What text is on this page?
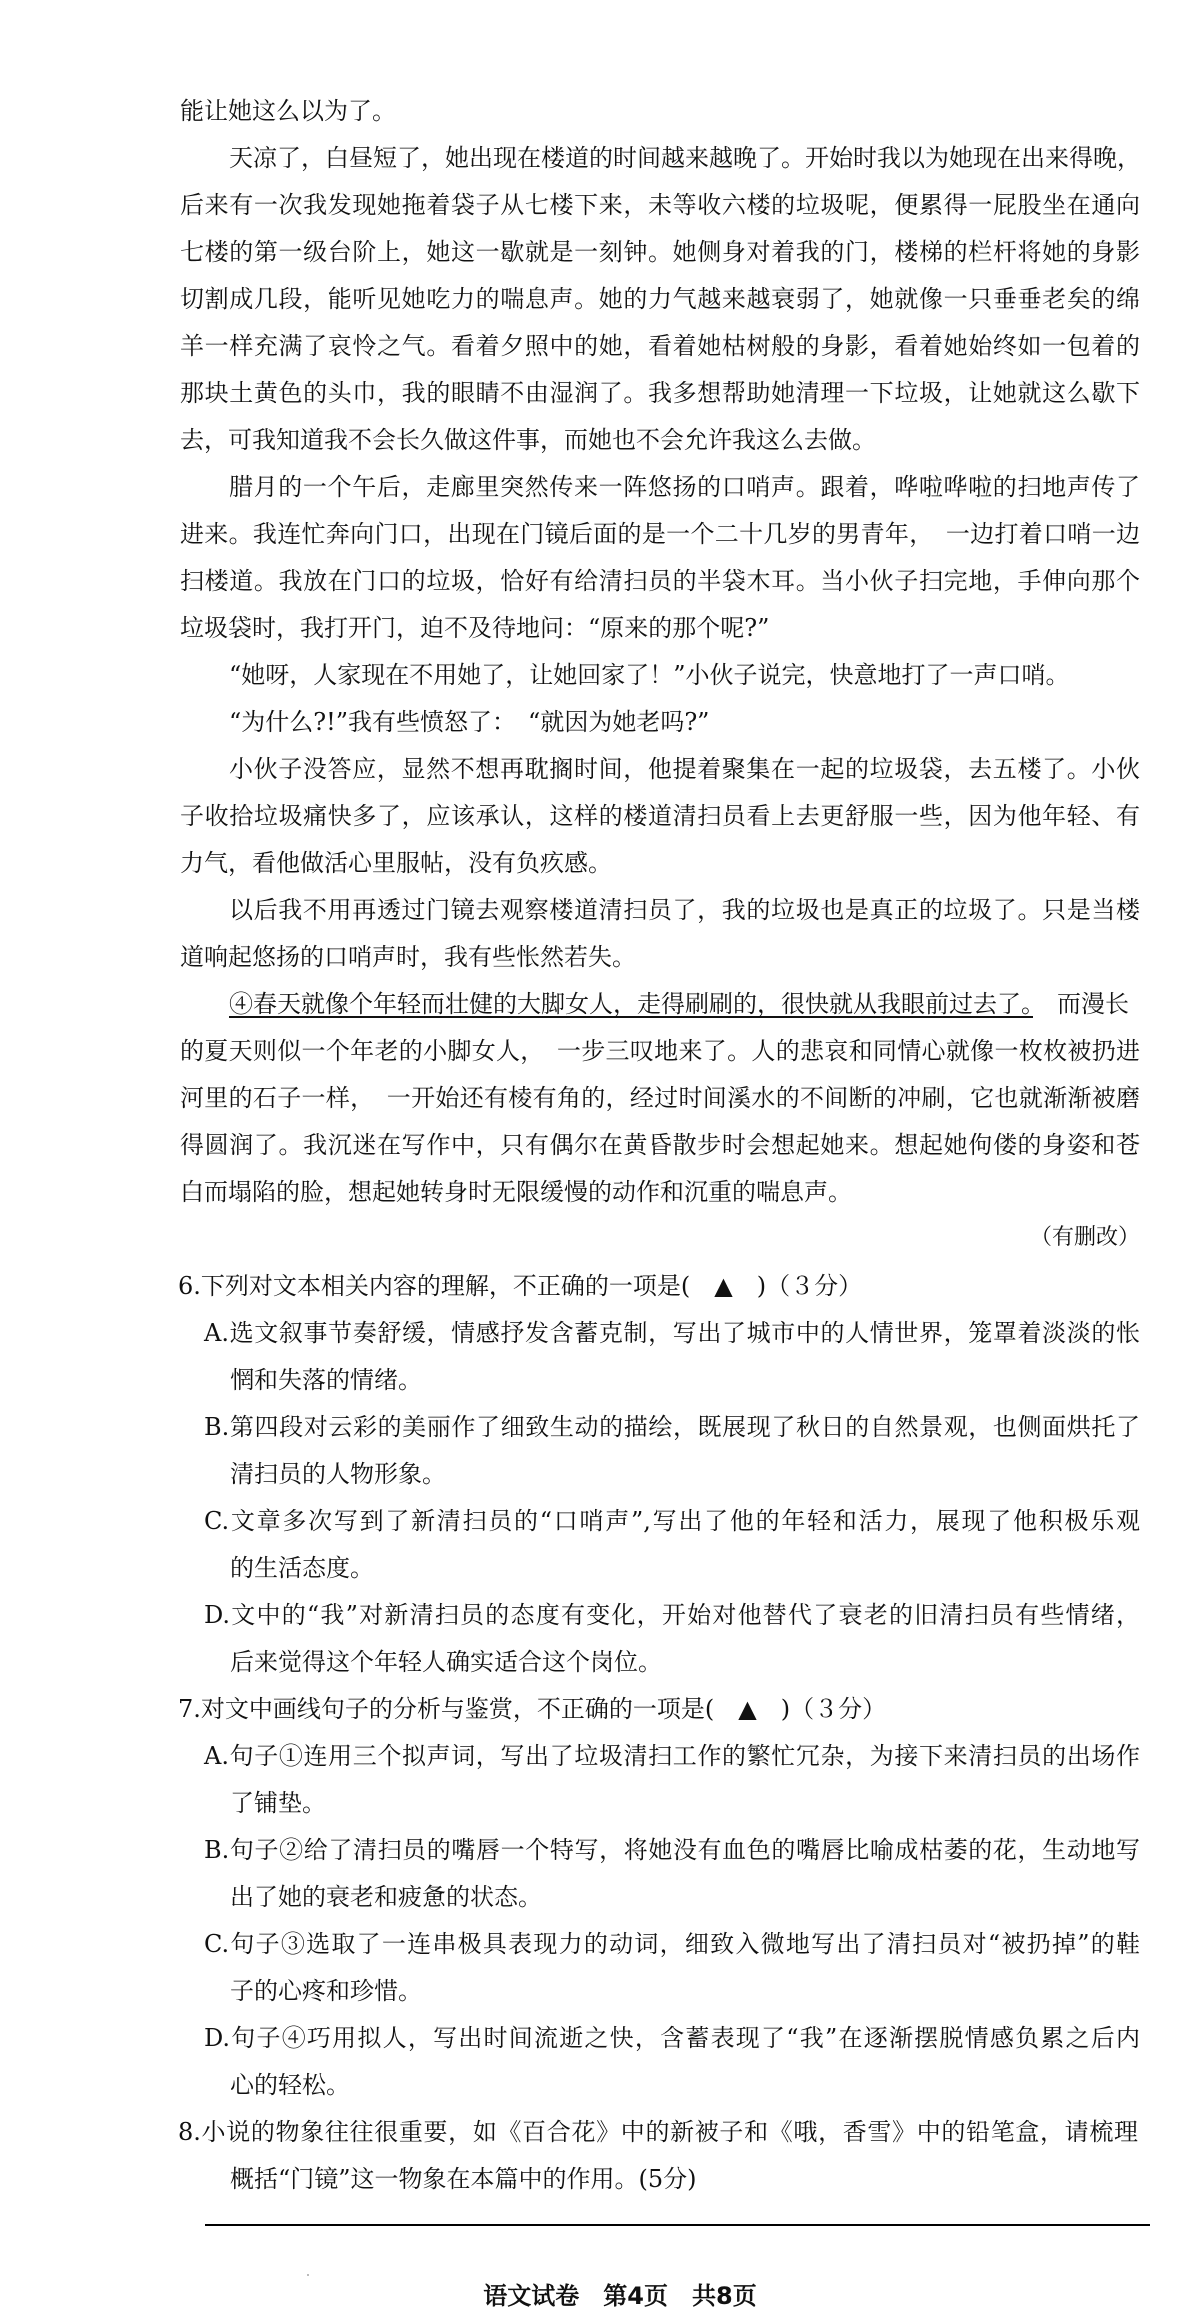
能让她这么以为了。
天凉了，白昼短了，她出现在楼道的时间越来越晚了。开始时我以为她现在出来得晚，
后来有一次我发现她拖着袋子从七楼下来，未等收六楼的垃圾呢，便累得一屁股坐在通向
七楼的第一级台阶上，她这一歇就是一刻钟。她侧身对着我的门，楼梯的栏杆将她的身影
切割成几段，能听见她吃力的喘息声。她的力气越来越衰弱了，她就像一只垂垂老矣的绵
羊一样充满了哀怜之气。看着夕照中的她，看着她枯树般的身影，看着她始终如一包着的
那块土黄色的头巾，我的眼睛不由湿润了。我多想帮助她清理一下垃圾，让她就这么歇下
去，可我知道我不会长久做这件事，而她也不会允许我这么去做。
腊月的一个午后，走廊里突然传来一阵悠扬的口哨声。跟着，哗啦哗啦的扫地声传了
进来。我连忙奔向门口，出现在门镜后面的是一个二十几岁的男青年，　一边打着口哨一边
扫楼道。我放在门口的垃圾，恰好有给清扫员的半袋木耳。当小伙子扫完地，手伸向那个
垃圾袋时，我打开门，迫不及待地问：“原来的那个呢?”
“她呀，人家现在不用她了，让她回家了！”小伙子说完，快意地打了一声口哨。
“为什么?!”我有些愤怒了：　“就因为她老吗?”
小伙子没答应，显然不想再耽搁时间，他提着聚集在一起的垃圾袋，去五楼了。小伙
子收拾垃圾痛快多了，应该承认，这样的楼道清扫员看上去更舒服一些，因为他年轻、有
力气，看他做活心里服帖，没有负疚感。
以后我不用再透过门镜去观察楼道清扫员了，我的垃圾也是真正的垃圾了。只是当楼
道响起悠扬的口哨声时，我有些怅然若失。
④春天就像个年轻而壮健的大脚女人，走得刷刷的，很快就从我眼前过去了。　而漫长
的夏天则似一个年老的小脚女人，　一步三叹地来了。人的悲哀和同情心就像一枚枚被扔进
河里的石子一样，　一开始还有棱有角的，经过时间溪水的不间断的冲刷，它也就渐渐被磨
得圆润了。我沉迷在写作中，只有偶尔在黄昏散步时会想起她来。想起她佝偻的身姿和苍
白而塌陷的脸，想起她转身时无限缓慢的动作和沉重的喘息声。
（有删改）
6.下列对文本相关内容的理解，不正确的一项是(　▲　)（３分）
A.选文叙事节奏舒缓，情感抒发含蓄克制，写出了城市中的人情世界，笼罩着淡淡的怅
惘和失落的情绪。
B.第四段对云彩的美丽作了细致生动的描绘，既展现了秋日的自然景观，也侧面烘托了
清扫员的人物形象。
C.文章多次写到了新清扫员的“口哨声”,写出了他的年轻和活力，展现了他积极乐观
的生活态度。
D.文中的“我”对新清扫员的态度有变化，开始对他替代了衰老的旧清扫员有些情绪，
后来觉得这个年轻人确实适合这个岗位。
7.对文中画线句子的分析与鉴赏，不正确的一项是(　▲　)（３分）
A.句子①连用三个拟声词，写出了垃圾清扫工作的繁忙冗杂，为接下来清扫员的出场作
了铺垫。
B.句子②给了清扫员的嘴唇一个特写，将她没有血色的嘴唇比喻成枯萎的花，生动地写
出了她的衰老和疲惫的状态。
C.句子③选取了一连串极具表现力的动词，细致入微地写出了清扫员对“被扔掉”的鞋
子的心疼和珍惜。
D.句子④巧用拟人，写出时间流逝之快，含蓄表现了“我”在逐渐摆脱情感负累之后内
心的轻松。
8.小说的物象往往很重要，如《百合花》中的新被子和《哦，香雪》中的铅笔盒，请梳理
概括“门镜”这一物象在本篇中的作用。(5分)
语文试卷　第4页　共8页
